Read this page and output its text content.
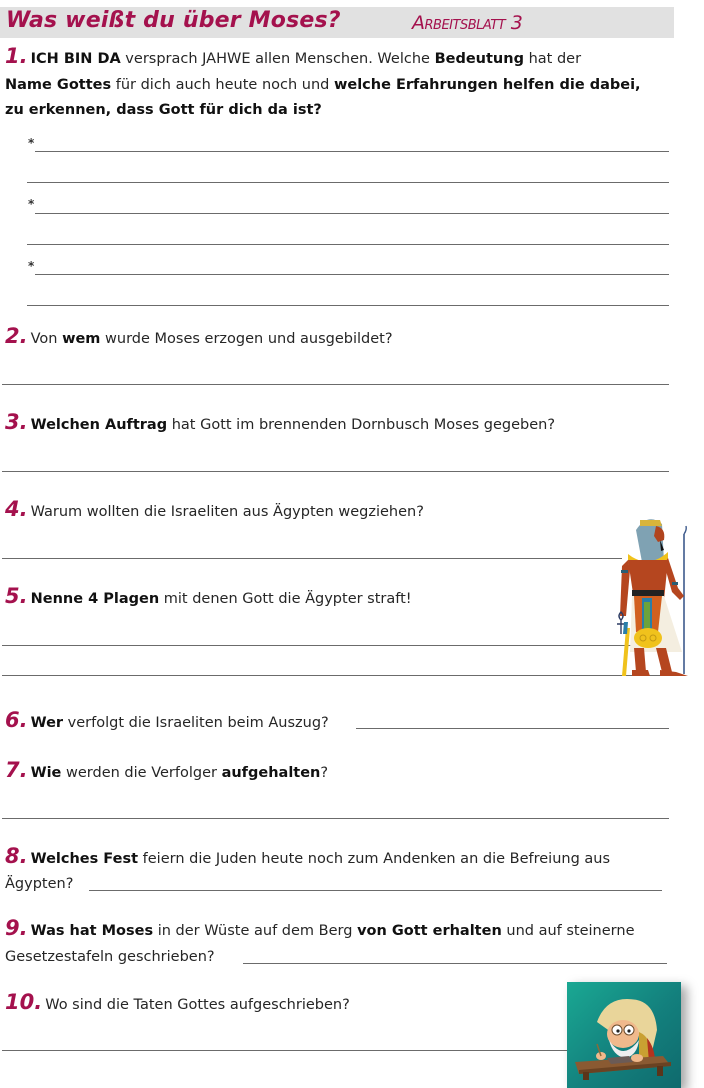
Was weißt du über Moses?	Arbeitsblatt 3
1. ICH BIN DA versprach JAHWE allen Menschen. Welche Bedeutung hat der
Name Gottes für dich auch heute noch und welche Erfahrungen helfen die dabei,
zu erkennen, dass Gott für dich da ist?
*
*
*
2. Von wem wurde Moses erzogen und ausgebildet?
3. Welchen Auftrag hat Gott im brennenden Dornbusch Moses gegeben?
4. Warum wollten die Israeliten aus Ägypten wegziehen?
5. Nenne 4 Plagen mit denen Gott die Ägypter straft!
6. Wer verfolgt die Israeliten beim Auszug?
7. Wie werden die Verfolger aufgehalten?
8. Welches Fest feiern die Juden heute noch zum Andenken an die Befreiung aus
Ägypten?
9. Was hat Moses in der Wüste auf dem Berg von Gott erhalten und auf steinerne
Gesetzestafeln geschrieben?
10. Wo sind die Taten Gottes aufgeschrieben?
